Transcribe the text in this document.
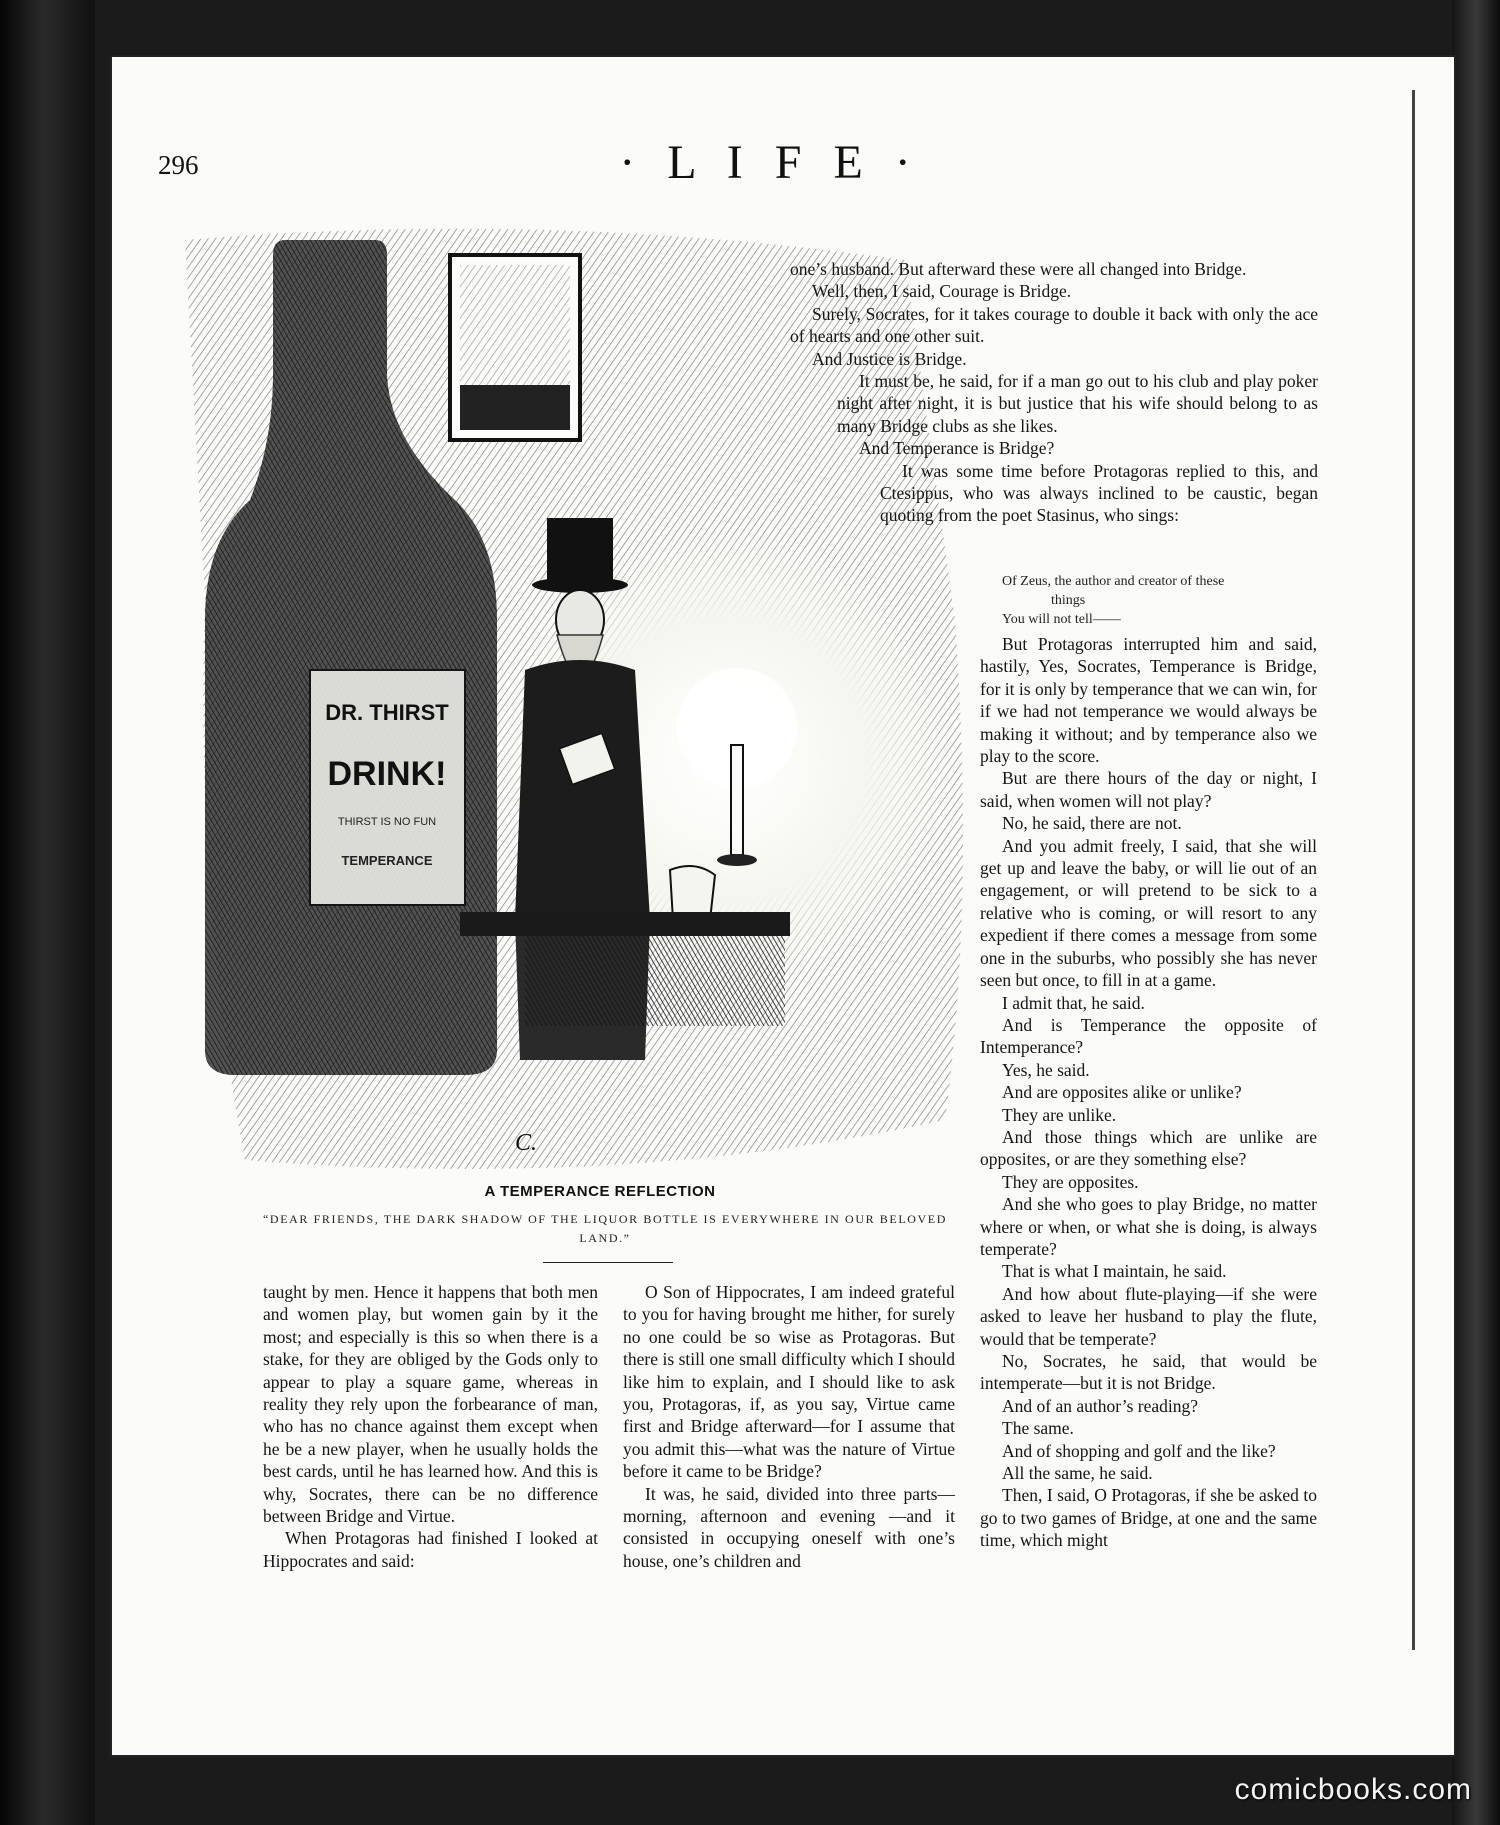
296	· L I F E ·
DR. THIRST
DRINK!
THIRST IS NO FUN
TEMPERANCE
C.

A TEMPERANCE REFLECTION

“DEAR FRIENDS, THE DARK SHADOW OF THE LIQUOR BOTTLE IS EVERYWHERE IN OUR BELOVED LAND.”

taught by men. Hence it happens that both men and women play, but women gain by it the most; and especially is this so when there is a stake, for they are obliged by the Gods only to appear to play a square game, whereas in reality they rely upon the forbearance of man, who has no chance against them except when he be a new player, when he usually holds the best cards, until he has learned how. And this is why, Socrates, there can be no difference between Bridge and Virtue.

When Protagoras had finished I looked at Hippocrates and said:

O Son of Hippocrates, I am indeed grateful to you for having brought me hither, for surely no one could be so wise as Protagoras. But there is still one small difficulty which I should like him to explain, and I should like to ask you, Protagoras, if, as you say, Virtue came first and Bridge afterward—for I assume that you admit this—what was the nature of Virtue before it came to be Bridge?

It was, he said, divided into three parts—morning, afternoon and evening —and it consisted in occupying oneself with one’s house, one’s children and

one’s husband. But afterward these were all changed into Bridge.

Well, then, I said, Courage is Bridge.

Surely, Socrates, for it takes courage to double it back with only the ace of hearts and one other suit.

And Justice is Bridge.

It must be, he said, for if a man go out to his club and play poker night after night, it is but justice that his wife should belong to as many Bridge clubs as she likes.

And Temperance is Bridge?

It was some time before Protagoras replied to this, and Ctesippus, who was always inclined to be caustic, began quoting from the poet Stasinus, who sings:

Of Zeus, the author and creator of these
things
You will not tell——

But Protagoras interrupted him and said, hastily, Yes, Socrates, Temperance is Bridge, for it is only by temperance that we can win, for if we had not temperance we would always be making it without; and by temperance also we play to the score.

But are there hours of the day or night, I said, when women will not play?

No, he said, there are not.

And you admit freely, I said, that she will get up and leave the baby, or will lie out of an engagement, or will pretend to be sick to a relative who is coming, or will resort to any expedient if there comes a message from some one in the suburbs, who possibly she has never seen but once, to fill in at a game.

I admit that, he said.

And is Temperance the opposite of Intemperance?

Yes, he said.

And are opposites alike or unlike?

They are unlike.

And those things which are unlike are opposites, or are they something else?

They are opposites.

And she who goes to play Bridge, no matter where or when, or what she is doing, is always temperate?

That is what I maintain, he said.

And how about flute-playing—if she were asked to leave her husband to play the flute, would that be temperate?

No, Socrates, he said, that would be intemperate—but it is not Bridge.

And of an author’s reading?

The same.

And of shopping and golf and the like?

All the same, he said.

Then, I said, O Protagoras, if she be asked to go to two games of Bridge, at one and the same time, which might

comicbooks.com
